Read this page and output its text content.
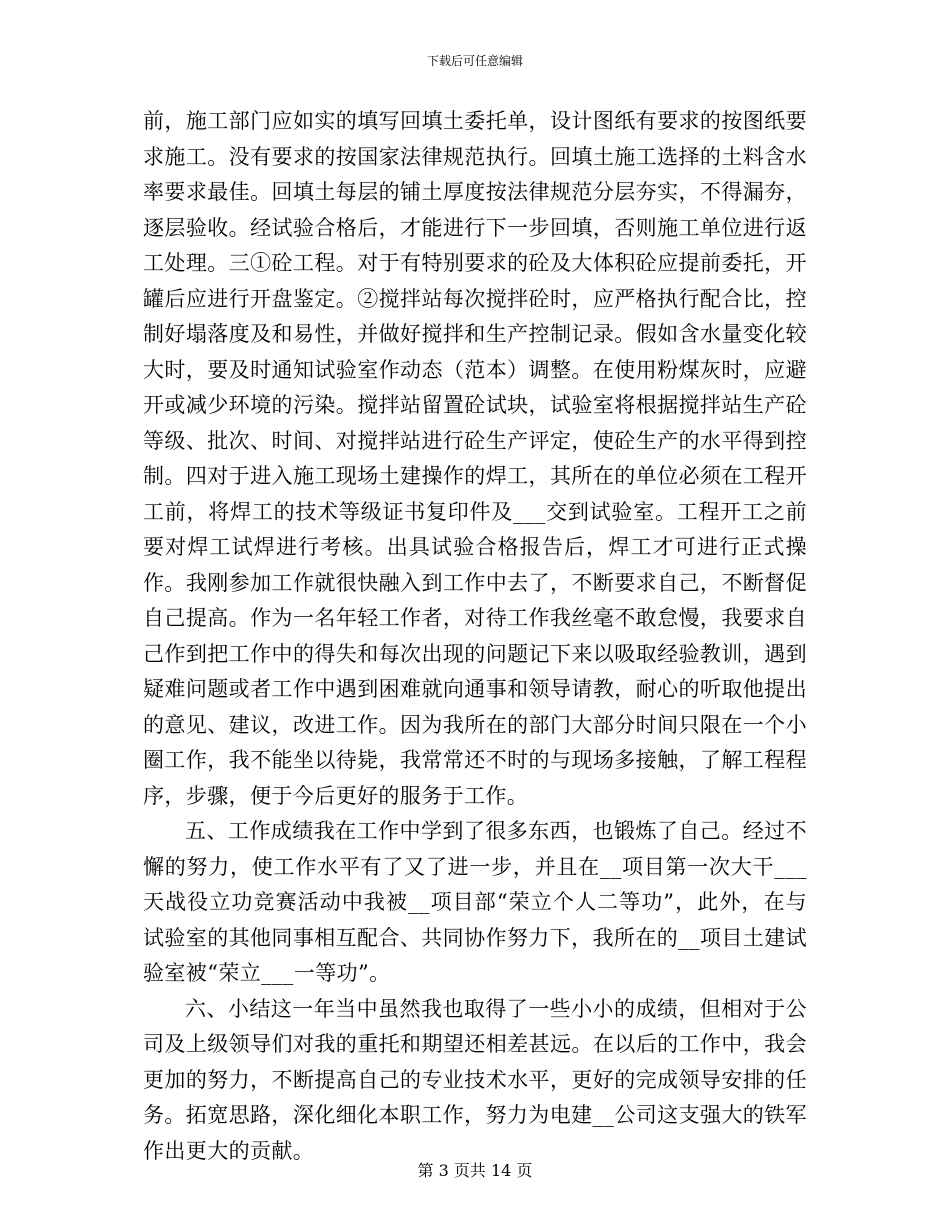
下载后可任意编辑

前，施工部门应如实的填写回填土委托单，设计图纸有要求的按图纸要求施工。没有要求的按国家法律规范执行。回填土施工选择的土料含水率要求最佳。回填土每层的铺土厚度按法律规范分层夯实，不得漏夯，逐层验收。经试验合格后，才能进行下一步回填，否则施工单位进行返工处理。三①砼工程。对于有特别要求的砼及大体积砼应提前委托，开罐后应进行开盘鉴定。②搅拌站每次搅拌砼时，应严格执行配合比，控制好塌落度及和易性，并做好搅拌和生产控制记录。假如含水量变化较大时，要及时通知试验室作动态（范本）调整。在使用粉煤灰时，应避开或减少环境的污染。搅拌站留置砼试块，试验室将根据搅拌站生产砼等级、批次、时间、对搅拌站进行砼生产评定，使砼生产的水平得到控制。四对于进入施工现场土建操作的焊工，其所在的单位必须在工程开工前，将焊工的技术等级证书复印件及___交到试验室。工程开工之前要对焊工试焊进行考核。出具试验合格报告后，焊工才可进行正式操作。我刚参加工作就很快融入到工作中去了，不断要求自己，不断督促自己提高。作为一名年轻工作者，对待工作我丝毫不敢怠慢，我要求自己作到把工作中的得失和每次出现的问题记下来以吸取经验教训，遇到疑难问题或者工作中遇到困难就向通事和领导请教，耐心的听取他提出的意见、建议，改进工作。因为我所在的部门大部分时间只限在一个小圈工作，我不能坐以待毙，我常常还不时的与现场多接触，了解工程程序，步骤，便于今后更好的服务于工作。

五、工作成绩我在工作中学到了很多东西，也锻炼了自己。经过不懈的努力，使工作水平有了又了进一步，并且在__项目第一次大干___天战役立功竞赛活动中我被__项目部“荣立个人二等功”，此外，在与试验室的其他同事相互配合、共同协作努力下，我所在的__项目土建试验室被“荣立___一等功”。

六、小结这一年当中虽然我也取得了一些小小的成绩，但相对于公司及上级领导们对我的重托和期望还相差甚远。在以后的工作中，我会更加的努力，不断提高自己的专业技术水平，更好的完成领导安排的任务。拓宽思路，深化细化本职工作，努力为电建__公司这支强大的铁军作出更大的贡献。

第 3 页共 14 页
